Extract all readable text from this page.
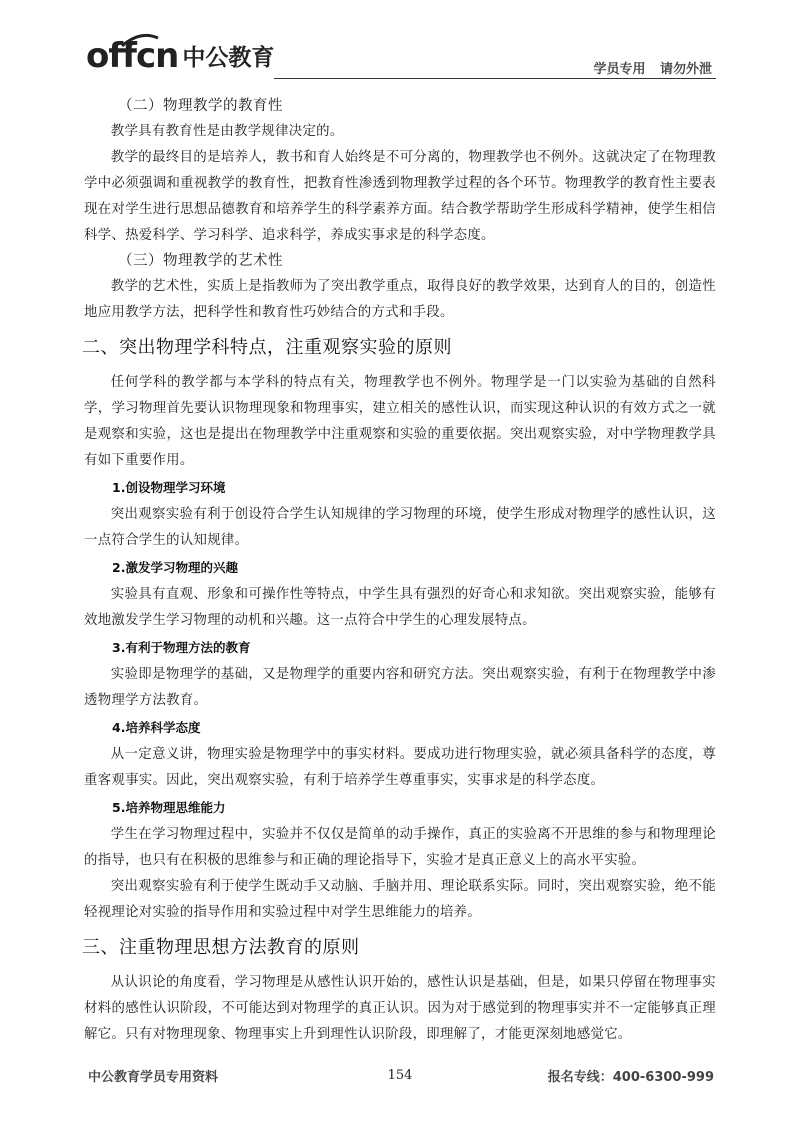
offcn 中公教育	学员专用 请勿外泄

（二）物理教学的教育性

教学具有教育性是由教学规律决定的。

教学的最终目的是培养人，教书和育人始终是不可分离的，物理教学也不例外。这就决定了在物理教学中必须强调和重视教学的教育性，把教育性渗透到物理教学过程的各个环节。物理教学的教育性主要表现在对学生进行思想品德教育和培养学生的科学素养方面。结合教学帮助学生形成科学精神，使学生相信科学、热爱科学、学习科学、追求科学，养成实事求是的科学态度。

（三）物理教学的艺术性

教学的艺术性，实质上是指教师为了突出教学重点，取得良好的教学效果，达到育人的目的，创造性地应用教学方法，把科学性和教育性巧妙结合的方式和手段。

二、突出物理学科特点，注重观察实验的原则

任何学科的教学都与本学科的特点有关，物理教学也不例外。物理学是一门以实验为基础的自然科学，学习物理首先要认识物理现象和物理事实，建立相关的感性认识，而实现这种认识的有效方式之一就是观察和实验，这也是提出在物理教学中注重观察和实验的重要依据。突出观察实验，对中学物理教学具有如下重要作用。

1.创设物理学习环境

突出观察实验有利于创设符合学生认知规律的学习物理的环境，使学生形成对物理学的感性认识，这一点符合学生的认知规律。

2.激发学习物理的兴趣

实验具有直观、形象和可操作性等特点，中学生具有强烈的好奇心和求知欲。突出观察实验，能够有效地激发学生学习物理的动机和兴趣。这一点符合中学生的心理发展特点。

3.有利于物理方法的教育

实验即是物理学的基础，又是物理学的重要内容和研究方法。突出观察实验，有利于在物理教学中渗透物理学方法教育。

4.培养科学态度

从一定意义讲，物理实验是物理学中的事实材料。要成功进行物理实验，就必须具备科学的态度，尊重客观事实。因此，突出观察实验，有利于培养学生尊重事实，实事求是的科学态度。

5.培养物理思维能力

学生在学习物理过程中，实验并不仅仅是简单的动手操作，真正的实验离不开思维的参与和物理理论的指导，也只有在积极的思维参与和正确的理论指导下，实验才是真正意义上的高水平实验。

突出观察实验有利于使学生既动手又动脑、手脑并用、理论联系实际。同时，突出观察实验，绝不能轻视理论对实验的指导作用和实验过程中对学生思维能力的培养。

三、注重物理思想方法教育的原则

从认识论的角度看，学习物理是从感性认识开始的，感性认识是基础，但是，如果只停留在物理事实材料的感性认识阶段，不可能达到对物理学的真正认识。因为对于感觉到的物理事实并不一定能够真正理解它。只有对物理现象、物理事实上升到理性认识阶段，即理解了，才能更深刻地感觉它。

中公教育学员专用资料	154	报名专线：400-6300-999
